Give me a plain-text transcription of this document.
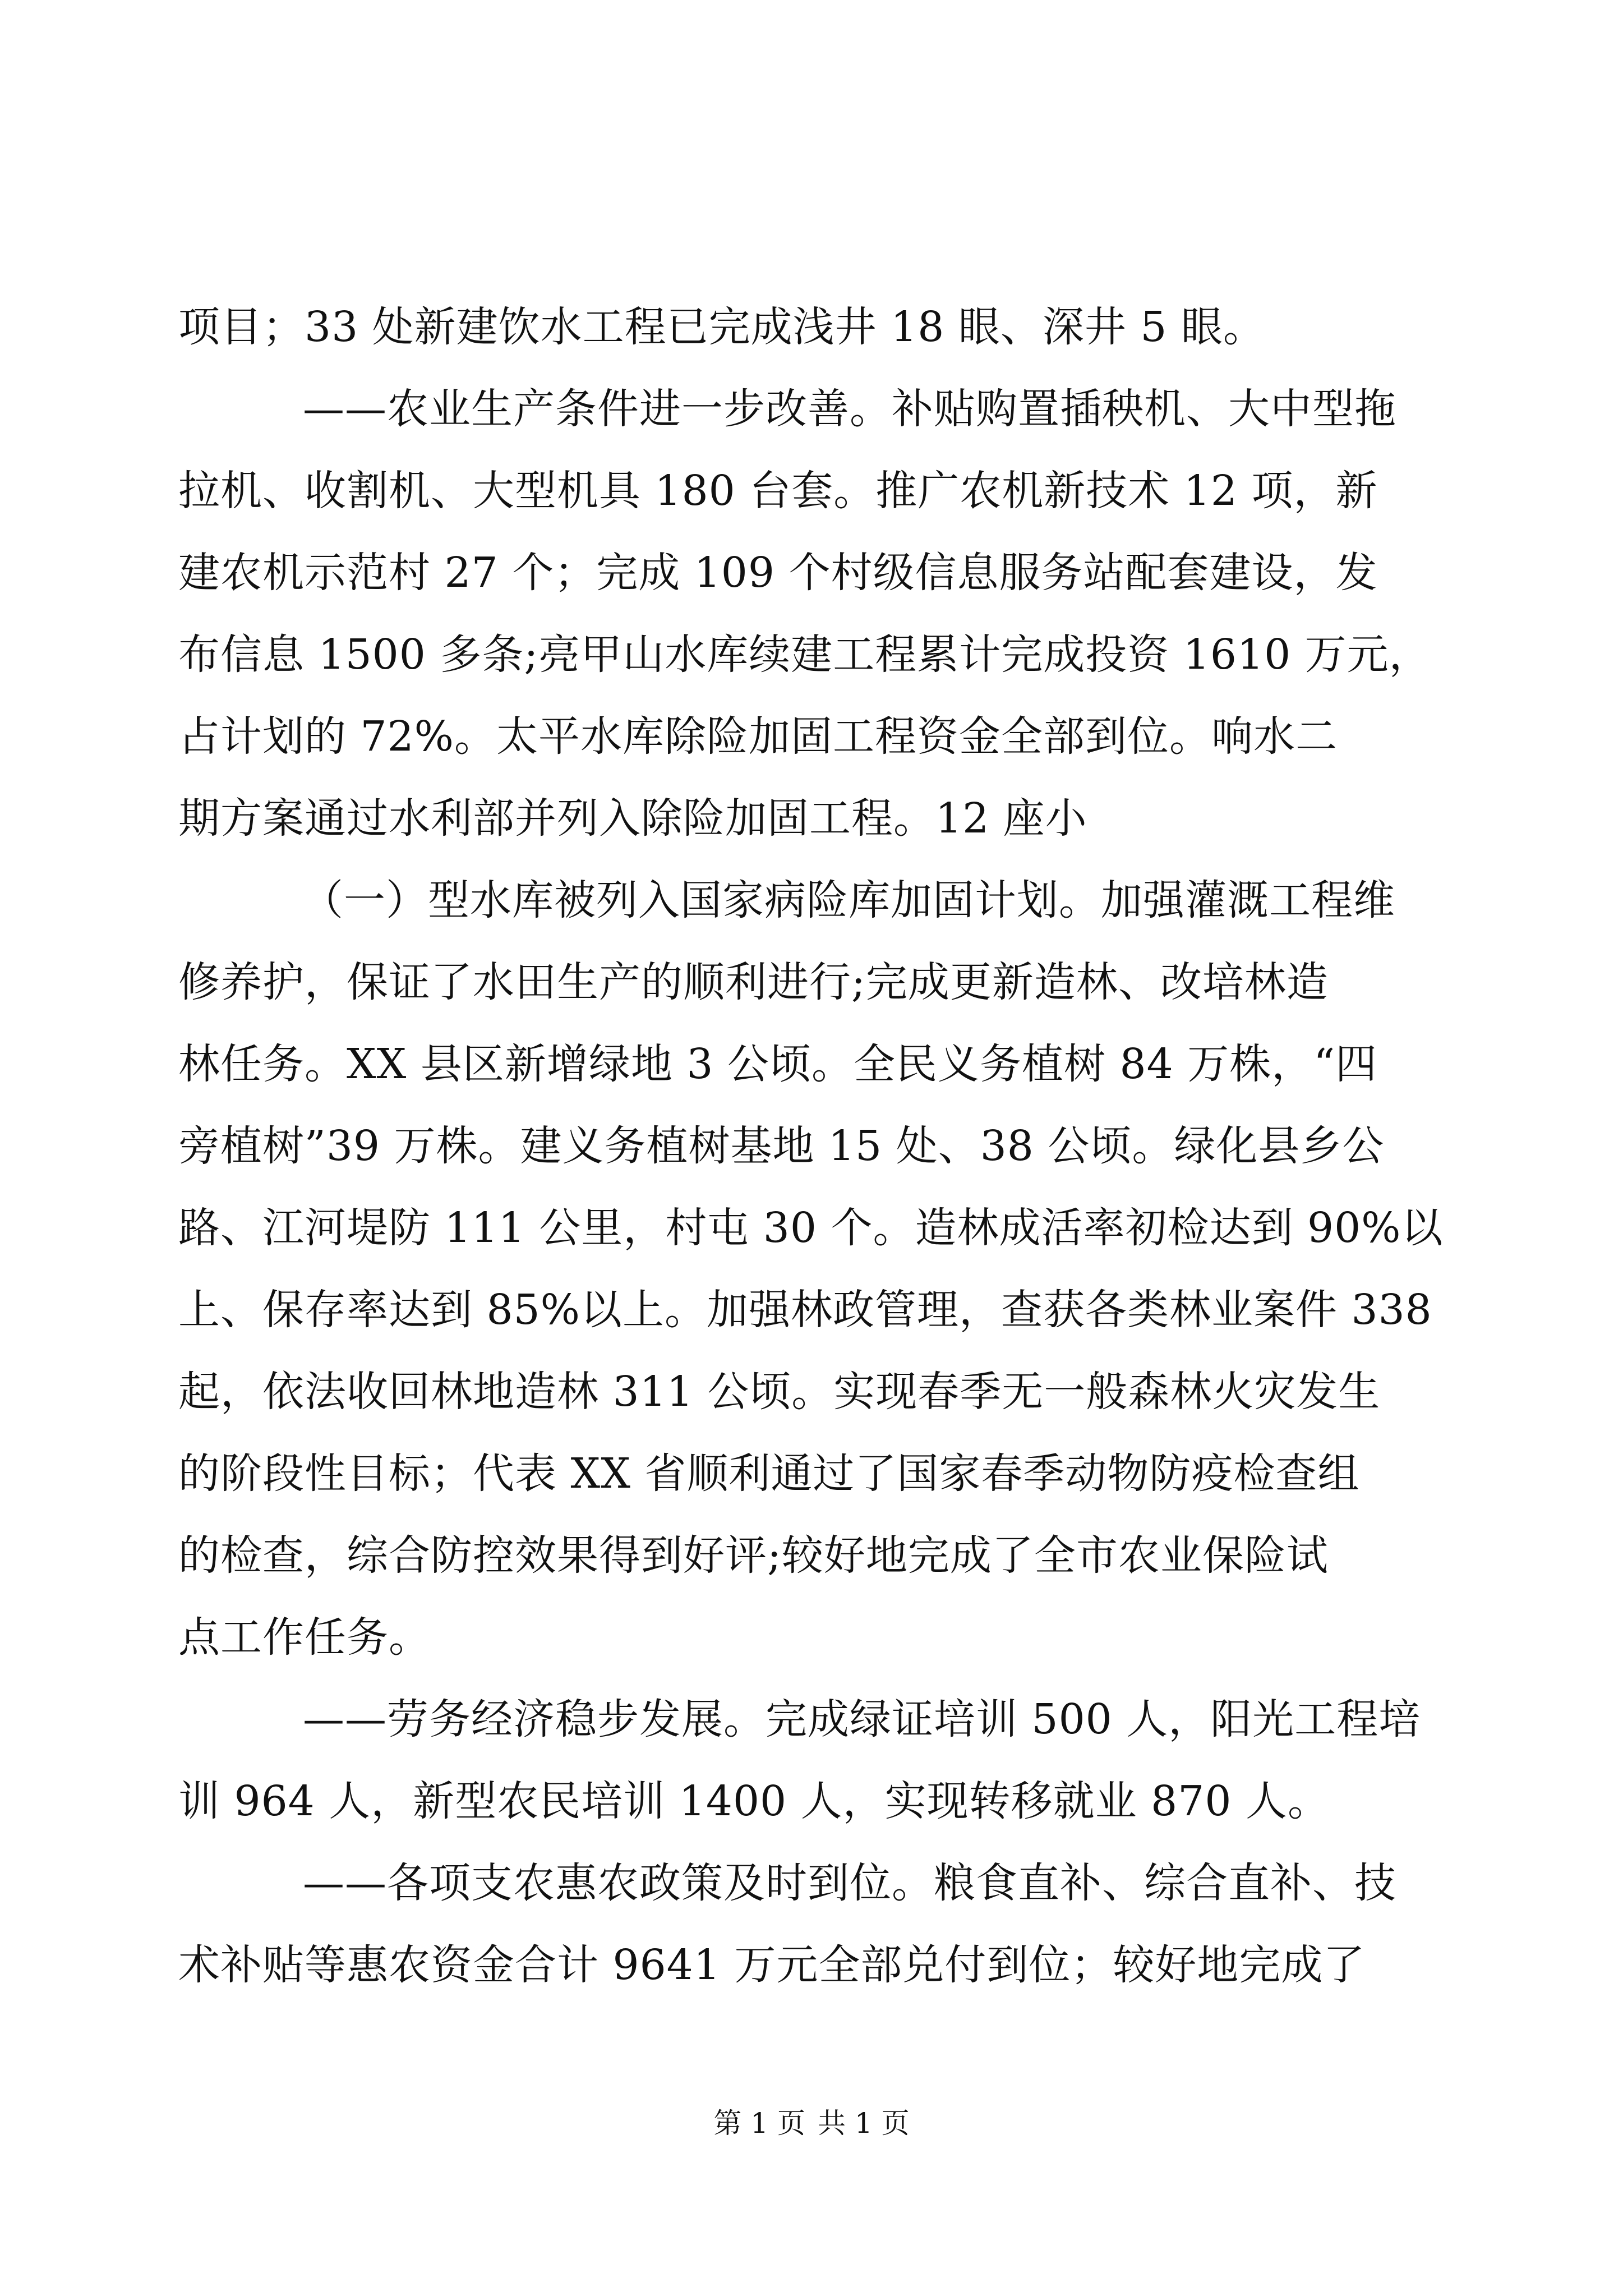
项目；33 处新建饮水工程已完成浅井 18 眼、深井 5 眼。
——农业生产条件进一步改善。补贴购置插秧机、大中型拖
拉机、收割机、大型机具 180 台套。推广农机新技术 12 项，新
建农机示范村 27 个；完成 109 个村级信息服务站配套建设，发
布信息 1500 多条;亮甲山水库续建工程累计完成投资 1610 万元，
占计划的 72%。太平水库除险加固工程资金全部到位。响水二
期方案通过水利部并列入除险加固工程。12 座小
（一）型水库被列入国家病险库加固计划。加强灌溉工程维
修养护，保证了水田生产的顺利进行;完成更新造林、改培林造
林任务。XX 县区新增绿地 3 公顷。全民义务植树 84 万株，“四
旁植树”39 万株。建义务植树基地 15 处、38 公顷。绿化县乡公
路、江河堤防 111 公里，村屯 30 个。造林成活率初检达到 90%以
上、保存率达到 85%以上。加强林政管理，查获各类林业案件 338
起，依法收回林地造林 311 公顷。实现春季无一般森林火灾发生
的阶段性目标；代表 XX 省顺利通过了国家春季动物防疫检查组
的检查，综合防控效果得到好评;较好地完成了全市农业保险试
点工作任务。
——劳务经济稳步发展。完成绿证培训 500 人，阳光工程培
训 964 人，新型农民培训 1400 人，实现转移就业 870 人。
——各项支农惠农政策及时到位。粮食直补、综合直补、技
术补贴等惠农资金合计 9641 万元全部兑付到位；较好地完成了
第 1 页 共 1 页
